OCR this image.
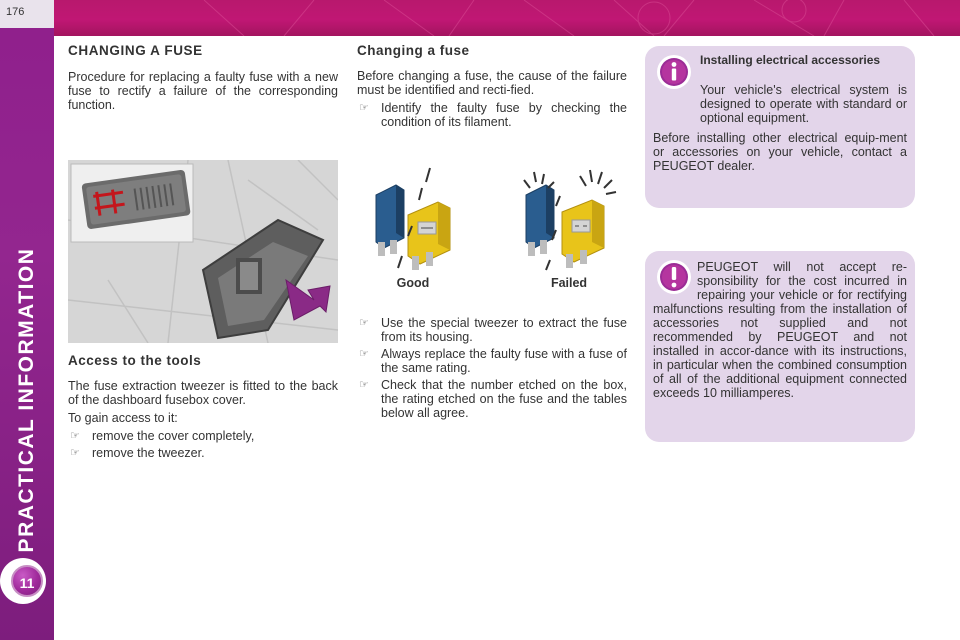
176
PRACTICAL INFORMATION
11
CHANGING A FUSE

Procedure for replacing a faulty fuse with a new fuse to rectify a failure of the corresponding function.

Access to the tools

The fuse extraction tweezer is fitted to the back of the dashboard fusebox cover.

To gain access to it:

☞ remove the cover completely,
☞ remove the tweezer.
Changing a fuse

Before changing a fuse, the cause of the failure must be identified and recti-fied.

☞ Identify the faulty fuse by checking the condition of its filament.
Good	Failed
☞ Use the special tweezer to extract the fuse from its housing.
☞ Always replace the faulty fuse with a fuse of the same rating.
☞ Check that the number etched on the box, the rating etched on the fuse and the tables below all agree.
Installing electrical accessories

Your vehicle's electrical system is designed to operate with standard or optional equipment.

Before installing other electrical equip-ment or accessories on your vehicle, contact a PEUGEOT dealer.

PEUGEOT will not accept re-sponsibility for the cost incurred in repairing your vehicle or for rectifying malfunctions resulting from the installation of accessories not supplied and not recommended by PEUGEOT and not installed in accor-dance with its instructions, in particular when the combined consumption of all of the additional equipment connected exceeds 10 milliamperes.
